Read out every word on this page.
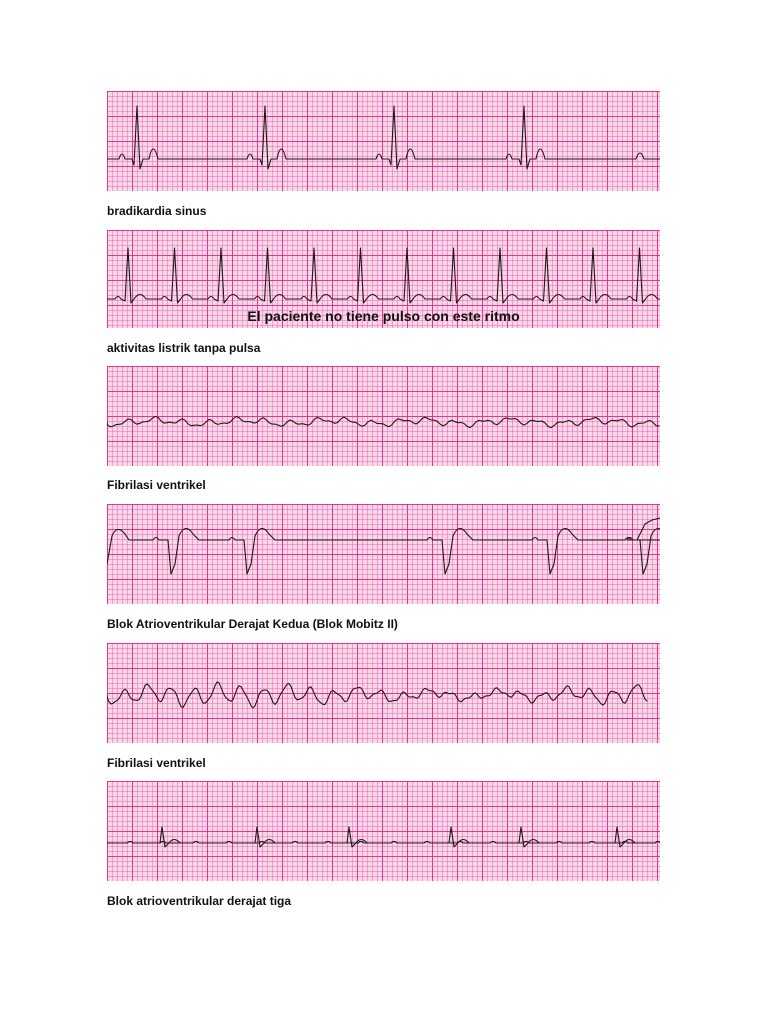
bradikardia sinus
El paciente no tiene pulso con este ritmo
aktivitas listrik tanpa pulsa
Fibrilasi ventrikel
Blok Atrioventrikular Derajat Kedua (Blok Mobitz II)
Fibrilasi ventrikel
Blok atrioventrikular derajat tiga
